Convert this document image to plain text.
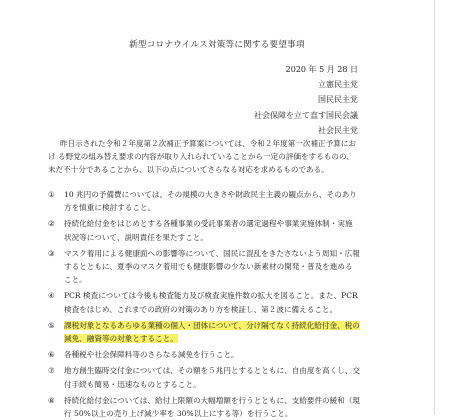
新型コロナウイルス対策等に関する要望事項
2020 年 5 月 28 日
立憲民主党
国民民主党
社会保障を立て直す国民会議
社会民主党

昨日示された令和２年度第２次補正予算案については、令和２年度第一次補正予算におけ る野党の組み替え要求の内容が取り入れられていることから一定の評価をするものの、未だ不十分であることから、以下の点についてさらなる対応を求めるものである。

①	10 兆円の予備費については、その規模の大きさや財政民主主義の観点から、そのあり方を慎重に検討すること。
②	持続化給付金をはじめとする各種事業の受託事業者の選定過程や事業実施体制・実施状況等について、説明責任を果たすこと。
③	マスク着用による健康面への影響等について、国民に混乱をきたさないよう周知・広報するとともに、夏季のマスク着用でも健康影響の少ない新素材の開発・普及を進めること。
④	PCR 検査については今後も検査能力及び検査実施件数の拡大を図ること。また、PCR 検査をはじめ、これまでの政府の対策のあり方を検証し、第２波に備えること。
⑤	課税対象となるあらゆる業種の個人・団体について、分け隔てなく持続化給付金、税の減免、融資等の対象とすること。
⑥	各種税や社会保障料等のさらなる減免を行うこと。
⑦	地方創生臨時交付金については、その額を５兆円とするとともに、自由度を高くし、交付手続も簡易・迅速なものとすること。
⑧	持続化給付金については、給付上限額の大幅増額を行うとともに、支給要件の緩和（現行 50%以上の売り上げ減少率を 30%以上にする等）を行うこと。
